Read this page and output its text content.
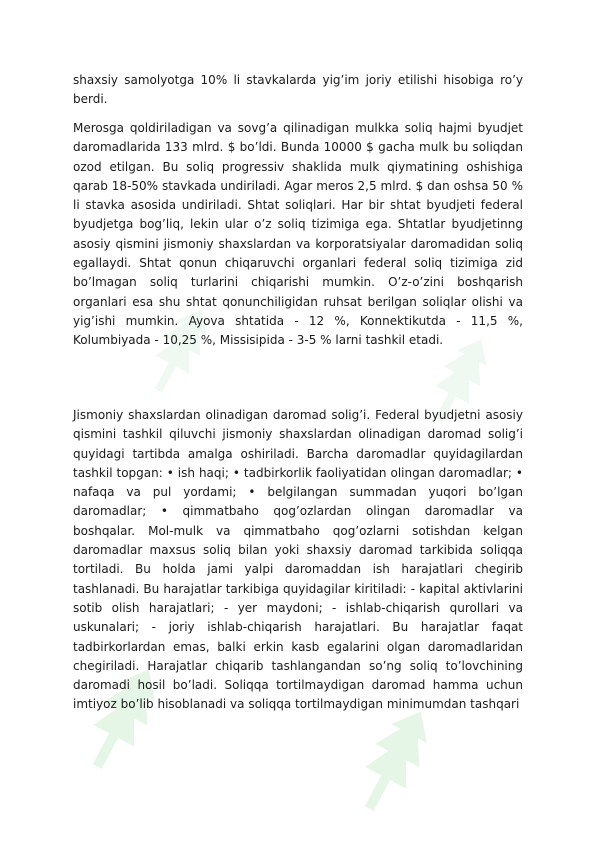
shaxsiy samolyotga 10% li stavkalarda yig’im joriy etilishi hisobiga ro’y berdi.

Merosga qoldiriladigan va sovg’a qilinadigan mulkka soliq hajmi byudjet daromadlarida 133 mlrd. $ bo’ldi. Bunda 10000 $ gacha mulk bu soliqdan ozod etilgan. Bu soliq progressiv shaklida mulk qiymatining oshishiga qarab 18-50% stavkada undiriladi. Agar meros 2,5 mlrd. $ dan oshsa 50 % li stavka asosida undiriladi. Shtat soliqlari. Har bir shtat byudjeti federal byudjetga bog’liq, lekin ular o’z soliq tizimiga ega. Shtatlar byudjetinng asosiy qismini jismoniy shaxslardan va korporatsiyalar daromadidan soliq egallaydi. Shtat qonun chiqaruvchi organlari federal soliq tizimiga zid bo’lmagan soliq turlarini chiqarishi mumkin. O’z-o’zini boshqarish organlari esa shu shtat qonunchiligidan ruhsat berilgan soliqlar olishi va yig’ishi mumkin. Ayova shtatida - 12 %, Konnektikutda - 11,5 %, Kolumbiyada - 10,25 %, Missisipida - 3-5 % larni tashkil etadi.

Jismoniy shaxslardan olinadigan daromad solig’i. Federal byudjetni asosiy qismini tashkil qiluvchi jismoniy shaxslardan olinadigan daromad solig’i quyidagi tartibda amalga oshiriladi. Barcha daromadlar quyidagilardan tashkil topgan: • ish haqi; • tadbirkorlik faoliyatidan olingan daromadlar; • nafaqa va pul yordami; • belgilangan summadan yuqori bo’lgan daromadlar; • qimmatbaho qog’ozlardan olingan daromadlar va boshqalar. Mol-mulk va qimmatbaho qog’ozlarni sotishdan kelgan daromadlar maxsus soliq bilan yoki shaxsiy daromad tarkibida soliqqa tortiladi. Bu holda jami yalpi daromaddan ish harajatlari chegirib tashlanadi. Bu harajatlar tarkibiga quyidagilar kiritiladi: - kapital aktivlarini sotib olish harajatlari; - yer maydoni; - ishlab-chiqarish qurollari va uskunalari; - joriy ishlab-chiqarish harajatlari. Bu harajatlar faqat tadbirkorlardan emas, balki erkin kasb egalarini olgan daromadlaridan chegiriladi. Harajatlar chiqarib tashlangandan so’ng soliq to’lovchining daromadi hosil bo’ladi. Soliqqa tortilmaydigan daromad hamma uchun imtiyoz bo’lib hisoblanadi va soliqqa tortilmaydigan minimumdan tashqari
